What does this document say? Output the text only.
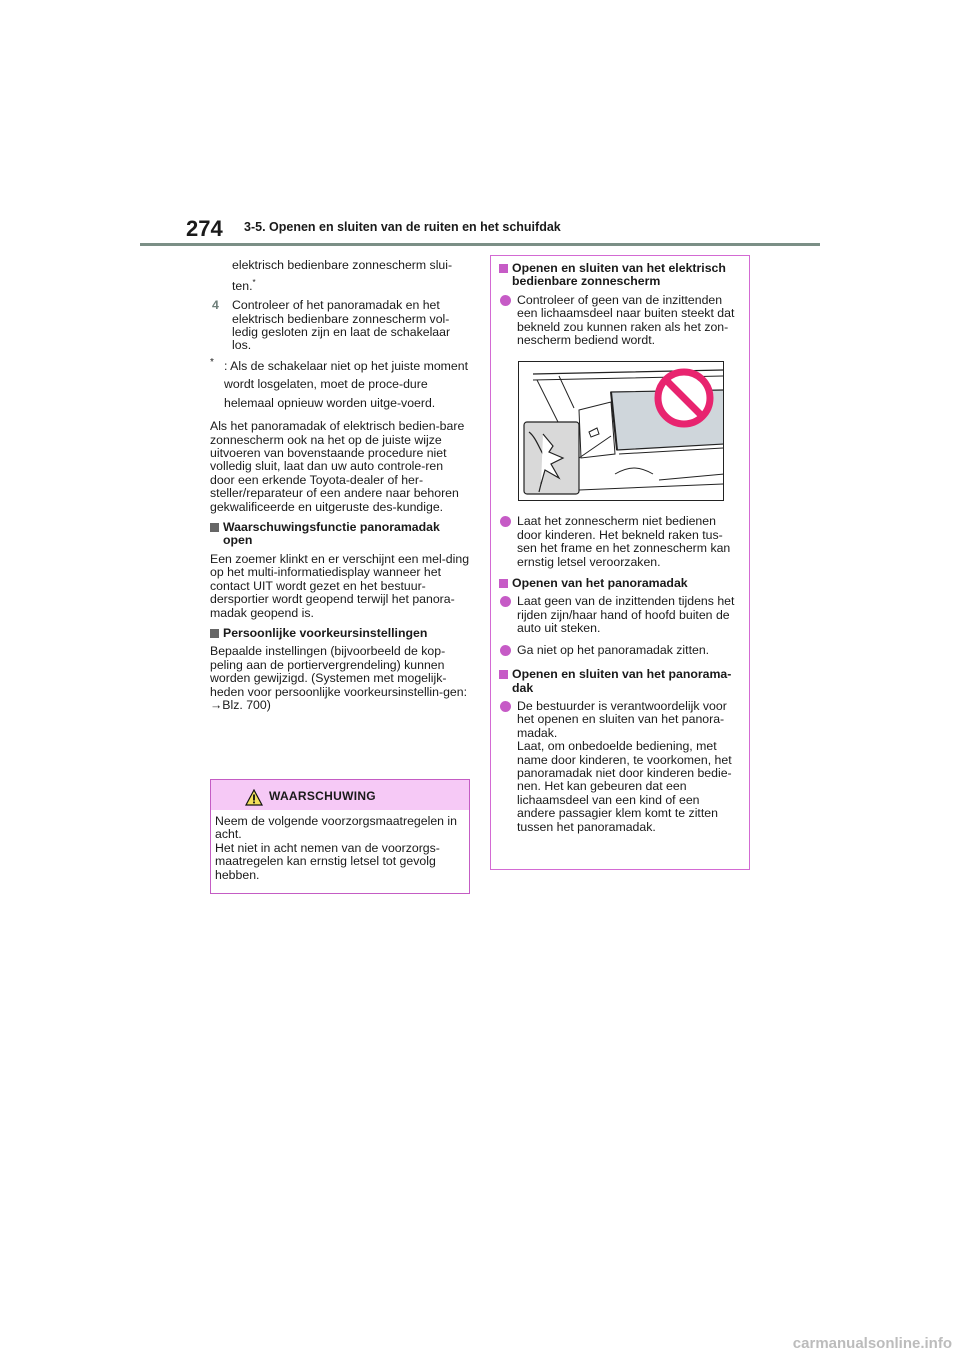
274 3-5. Openen en sluiten van de ruiten en het schuifdak
elektrisch bedienbare zonnescherm slui-ten.*
4 Controleer of het panoramadak en het elektrisch bedienbare zonnescherm vol-ledig gesloten zijn en laat de schakelaar los.
* : Als de schakelaar niet op het juiste moment wordt losgelaten, moet de proce-dure helemaal opnieuw worden uitge-voerd.
Als het panoramadak of elektrisch bedien-bare zonnescherm ook na het op de juiste wijze uitvoeren van bovenstaande procedure niet volledig sluit, laat dan uw auto controle-ren door een erkende Toyota-dealer of her-steller/reparateur of een andere naar behoren gekwalificeerde en uitgeruste des-kundige.
Waarschuwingsfunctie panoramadak open
Een zoemer klinkt en er verschijnt een mel-ding op het multi-informatiedisplay wanneer het contact UIT wordt gezet en het bestuur-dersportier wordt geopend terwijl het panora-madak geopend is.
Persoonlijke voorkeursinstellingen
Bepaalde instellingen (bijvoorbeeld de kop-peling aan de portiervergrendeling) kunnen worden gewijzigd. (Systemen met mogelijk-heden voor persoonlijke voorkeursinstellin-gen: →Blz. 700)
WAARSCHUWING
Neem de volgende voorzorgsmaatregelen in acht.
Het niet in acht nemen van de voorzorgs-maatregelen kan ernstig letsel tot gevolg hebben.
Openen en sluiten van het elektrisch bedienbare zonnescherm
Controleer of geen van de inzittenden een lichaamsdeel naar buiten steekt dat bekneld zou kunnen raken als het zon-nescherm bediend wordt.
Laat het zonnescherm niet bedienen door kinderen. Het bekneld raken tus-sen het frame en het zonnescherm kan ernstig letsel veroorzaken.
Openen van het panoramadak
Laat geen van de inzittenden tijdens het rijden zijn/haar hand of hoofd buiten de auto uit steken.
Ga niet op het panoramadak zitten.
Openen en sluiten van het panorama-dak
De bestuurder is verantwoordelijk voor het openen en sluiten van het panora-madak.
Laat, om onbedoelde bediening, met name door kinderen, te voorkomen, het panoramadak niet door kinderen bedie-nen. Het kan gebeuren dat een lichaamsdeel van een kind of een andere passagier klem komt te zitten tussen het panoramadak.
carmanualsonline.info
